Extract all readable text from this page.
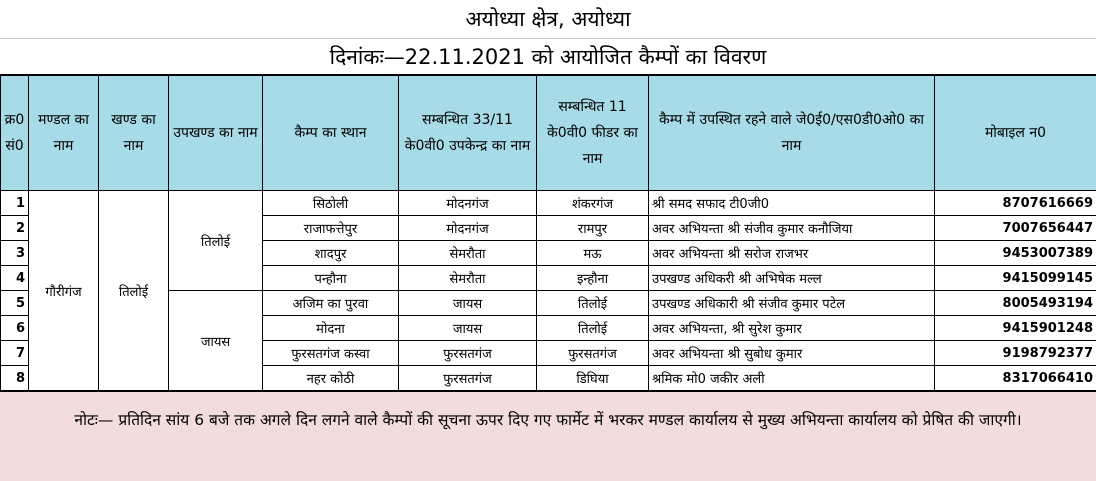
अयोध्या क्षेत्र, अयोध्या
दिनांकः—22.11.2021 को आयोजित कैम्पों का विवरण
क्र0 सं0	मण्डल का नाम	खण्ड का नाम	उपखण्ड का नाम	कैम्प का स्थान	सम्बन्धित 33/11 के0वी0 उपकेन्द्र का नाम	सम्बन्धित 11 के0वी0 फीडर का नाम	कैम्प में उपस्थित रहने वाले जे0ई0/एस0डी0ओ0 का नाम	मोबाइल न0
1	गौरीगंज	तिलोई	तिलोई	सिठोली	मोदनगंज	शंकरगंज	श्री समद सफाद टी0जी0	8707616669
2				राजाफत्तेपुर	मोदनगंज	रामपुर	अवर अभियन्ता श्री संजीव कुमार कनौजिया	7007656447
3				शादपुर	सेमरौता	मऊ	अवर अभियन्ता श्री सरोज राजभर	9453007389
4				पन्हौना	सेमरौता	इन्हौना	उपखण्ड अधिकरी श्री अभिषेक मल्ल	9415099145
5			जायस	अजिम का पुरवा	जायस	तिलोई	उपखण्ड अधिकारी श्री संजीव कुमार पटेल	8005493194
6				मोदना	जायस	तिलोई	अवर अभियन्ता, श्री सुरेश कुमार	9415901248
7				फुरसतगंज कस्वा	फुरसतगंज	फुरसतगंज	अवर अभियन्ता श्री सुबोध कुमार	9198792377
8				नहर कोठी	फुरसतगंज	डिघिया	श्रमिक मो0 जकीर अली	8317066410
नोटः— प्रतिदिन सांय 6 बजे तक अगले दिन लगने वाले कैम्पों की सूचना ऊपर दिए गए फार्मेट में भरकर मण्डल कार्यालय से मुख्य अभियन्ता कार्यालय को प्रेषित की जाएगी।
